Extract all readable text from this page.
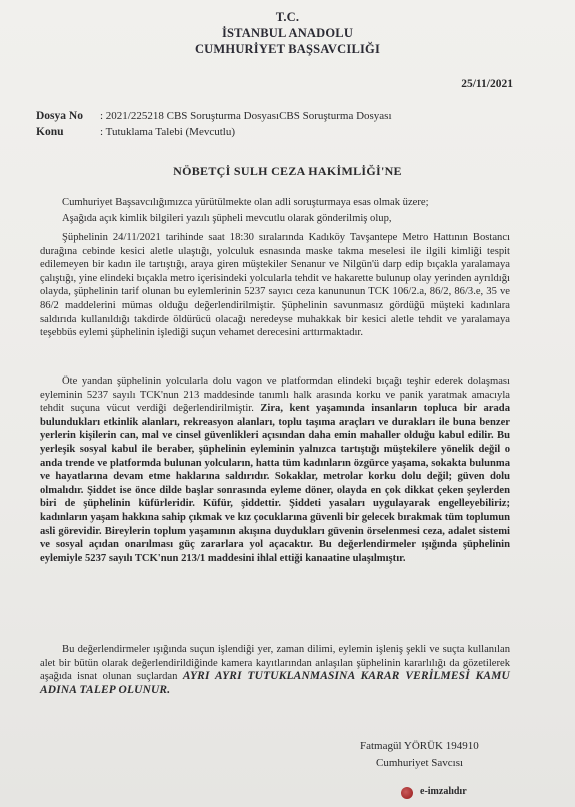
T.C.
İSTANBUL ANADOLU
CUMHURİYET BAŞSAVCILIĞI
25/11/2021
Dosya No : 2021/225218 CBS Soruşturma DosyasıCBS Soruşturma Dosyası
Konu	: Tutuklama Talebi (Mevcutlu)
NÖBETÇİ SULH CEZA HAKİMLİĞİ'NE

Cumhuriyet Başsavcılığımızca yürütülmekte olan adli soruşturmaya esas olmak üzere;

Aşağıda açık kimlik bilgileri yazılı şüpheli mevcutlu olarak gönderilmiş olup,

Şüphelinin 24/11/2021 tarihinde saat 18:30 sıralarında Kadıköy Tavşantepe Metro Hattının Bostancı durağına cebinde kesici aletle ulaştığı, yolculuk esnasında maske takma meselesi ile ilgili kimliği tespit edilemeyen bir kadın ile tartıştığı, araya giren müştekiler Senanur ve Nilgün'ü darp edip bıçakla yaralamaya çalıştığı, yine elindeki bıçakla metro içerisindeki yolcularla tehdit ve hakarette bulunup olay yerinden ayrıldığı olayda, şüphelinin tarif olunan bu eylemlerinin 5237 sayıcı ceza kanununun TCK 106/2.a, 86/2, 86/3.e, 35 ve 86/2 maddelerini mümas olduğu değerlendirilmiştir. Şüphelinin savunmasız gördüğü müşteki kadınlara saldırıda kullanıldığı takdirde öldürücü olacağı neredeyse muhakkak bir kesici aletle tehdit ve yaralamaya teşebbüs eylemi şüphelinin işlediği suçun vehamet derecesini arttırmaktadır.

Öte yandan şüphelinin yolcularla dolu vagon ve platformdan elindeki bıçağı teşhir ederek dolaşması eyleminin 5237 sayılı TCK'nun 213 maddesinde tanımlı halk arasında korku ve panik yaratmak amacıyla tehdit suçuna vücut verdiği değerlendirilmiştir. Zira, kent yaşamında insanların topluca bir arada bulundukları etkinlik alanları, rekreasyon alanları, toplu taşıma araçları ve durakları ile buna benzer yerlerin kişilerin can, mal ve cinsel güvenlikleri açısından daha emin mahaller olduğu kabul edilir. Bu yerleşik sosyal kabul ile beraber, şüphelinin eyleminin yalnızca tartıştığı müştekilere yönelik değil o anda trende ve platformda bulunan yolcuların, hatta tüm kadınların özgürce yaşama, sokakta bulunma ve hayatlarına devam etme haklarına saldırıdır. Sokaklar, metrolar korku dolu değil; güven dolu olmalıdır. Şiddet ise önce dilde başlar sonrasında eyleme döner, olayda en çok dikkat çeken şeylerden biri de şüphelinin küfürleridir. Küfür, şiddettir. Şiddeti yasaları uygulayarak engelleyebiliriz; kadınların yaşam hakkına sahip çıkmak ve kız çocuklarına güvenli bir gelecek bırakmak tüm toplumun asli görevidir. Bireylerin toplum yaşamının akışına duydukları güvenin örselenmesi ceza, adalet sistemi ve sosyal açıdan onarılması güç zararlara yol açacaktır. Bu değerlendirmeler ışığında şüphelinin eylemiyle 5237 sayılı TCK'nun 213/1 maddesini ihlal ettiği kanaatine ulaşılmıştır.

Bu değerlendirmeler ışığında suçun işlendiği yer, zaman dilimi, eylemin işleniş şekli ve suçta kullanılan alet bir bütün olarak değerlendirildiğinde kamera kayıtlarından anlaşılan şüphelinin kararlılığı da gözetilerek aşağıda isnat olunan suçlardan AYRI AYRI TUTUKLANMASINA KARAR VERİLMESİ KAMU ADINA TALEP OLUNUR.

Fatmagül YÖRÜK 194910
Cumhuriyet Savcısı
e-imzalıdır
